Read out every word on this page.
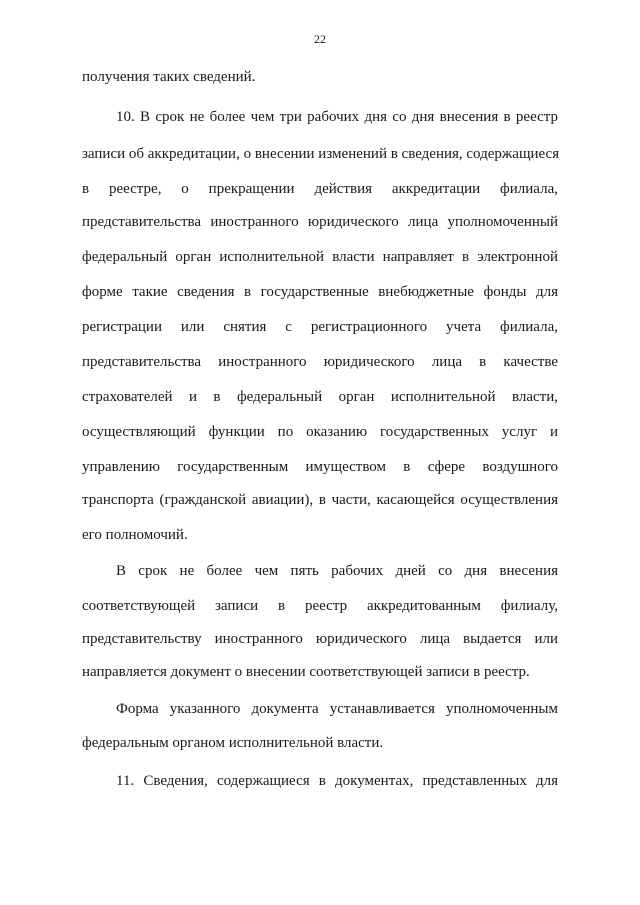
22
получения таких сведений.
10. В срок не более чем три рабочих дня со дня внесения в реестр
записи об аккредитации, о внесении изменений в сведения, содержащиеся
в реестре, о прекращении действия аккредитации филиала,
представительства иностранного юридического лица уполномоченный
федеральный орган исполнительной власти направляет в электронной
форме такие сведения в государственные внебюджетные фонды для
регистрации или снятия с регистрационного учета филиала,
представительства иностранного юридического лица в качестве
страхователей и в федеральный орган исполнительной власти,
осуществляющий функции по оказанию государственных услуг и
управлению государственным имуществом в сфере воздушного
транспорта (гражданской авиации), в части, касающейся осуществления
его полномочий.
В срок не более чем пять рабочих дней со дня внесения
соответствующей записи в реестр аккредитованным филиалу,
представительству иностранного юридического лица выдается или
направляется документ о внесении соответствующей записи в реестр.
Форма указанного документа устанавливается уполномоченным
федеральным органом исполнительной власти.
11. Сведения, содержащиеся в документах, представленных для
